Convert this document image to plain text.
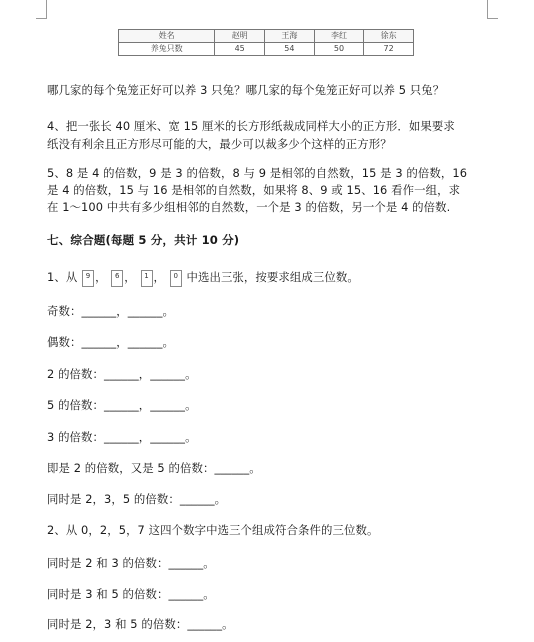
姓名	赵明	王海	李红	徐东
养兔只数	45	54	50	72
哪几家的每个兔笼正好可以养 3 只兔？哪几家的每个兔笼正好可以养 5 只兔？
4、把一张长 40 厘米、宽 15 厘米的长方形纸裁成同样大小的正方形．如果要求
纸没有利余且正方形尽可能的大，最少可以裁多少个这样的正方形？
5、8 是 4 的倍数，9 是 3 的倍数，8 与 9 是相邻的自然数，15 是 3 的倍数，16
是 4 的倍数，15 与 16 是相邻的自然数，如果将 8、9 或 15、16 看作一组，求
在 1～100 中共有多少组相邻的自然数，一个是 3 的倍数，另一个是 4 的倍数.
七、综合题(每题 5 分，共计 10 分)
1、从 9 ， 6 ， 1 ， 0 中选出三张，按要求组成三位数。
奇数：______，______。
偶数：______，______。
2 的倍数：______，______。
5 的倍数：______，______。
3 的倍数：______，______。
即是 2 的倍数，又是 5 的倍数：______。
同时是 2，3，5 的倍数：______。
2、从 0，2，5，7 这四个数字中选三个组成符合条件的三位数。
同时是 2 和 3 的倍数：______。
同时是 3 和 5 的倍数：______。
同时是 2，3 和 5 的倍数：______。
